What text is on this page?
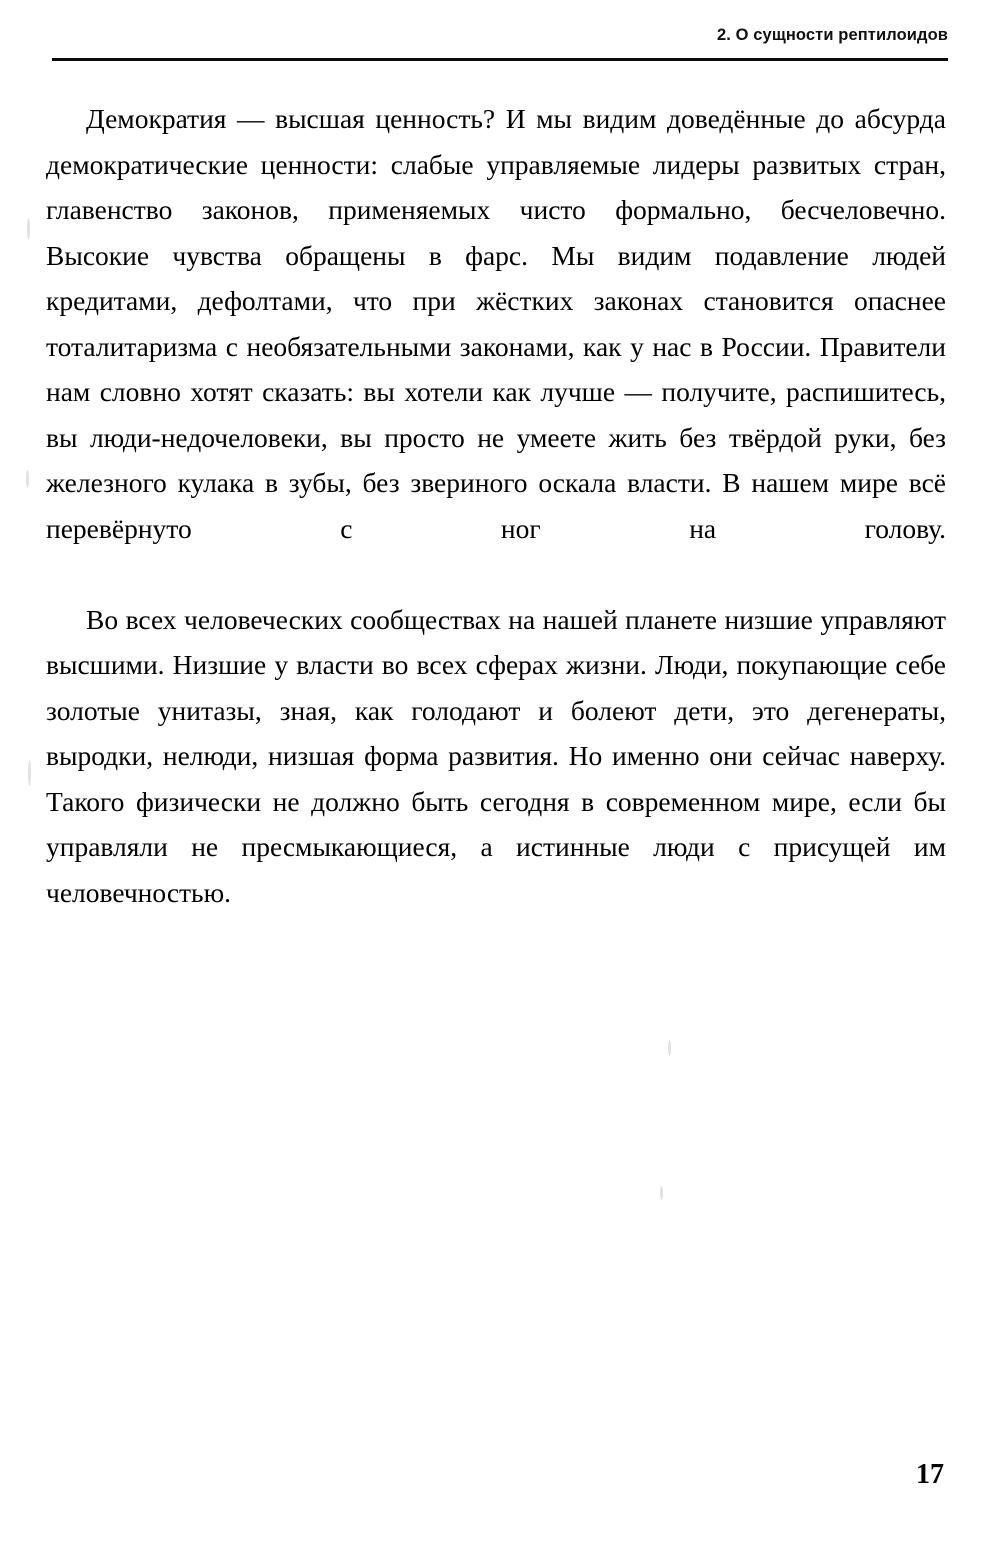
2. О сущности рептилоидов

Демократия — высшая ценность? И мы видим доведённые до абсурда демократические ценности: слабые управляемые лидеры развитых стран, главенство законов, применяемых чисто формально, бесчеловечно. Высокие чувства обращены в фарс. Мы видим подавление людей кредитами, дефолтами, что при жёстких законах становится опаснее тоталитаризма с необязательными законами, как у нас в России. Правители нам словно хотят сказать: вы хотели как лучше — получите, распишитесь, вы люди-недочеловеки, вы просто не умеете жить без твёрдой руки, без железного кулака в зубы, без звериного оскала власти. В нашем мире всё перевёрнуто с ног на голову.

Во всех человеческих сообществах на нашей планете низшие управляют высшими. Низшие у власти во всех сферах жизни. Люди, покупающие себе золотые унитазы, зная, как голодают и болеют дети, это дегенераты, выродки, нелюди, низшая форма развития. Но именно они сейчас наверху. Такого физически не должно быть сегодня в современном мире, если бы управляли не пресмыкающиеся, а истинные люди с присущей им человечностью.

17
